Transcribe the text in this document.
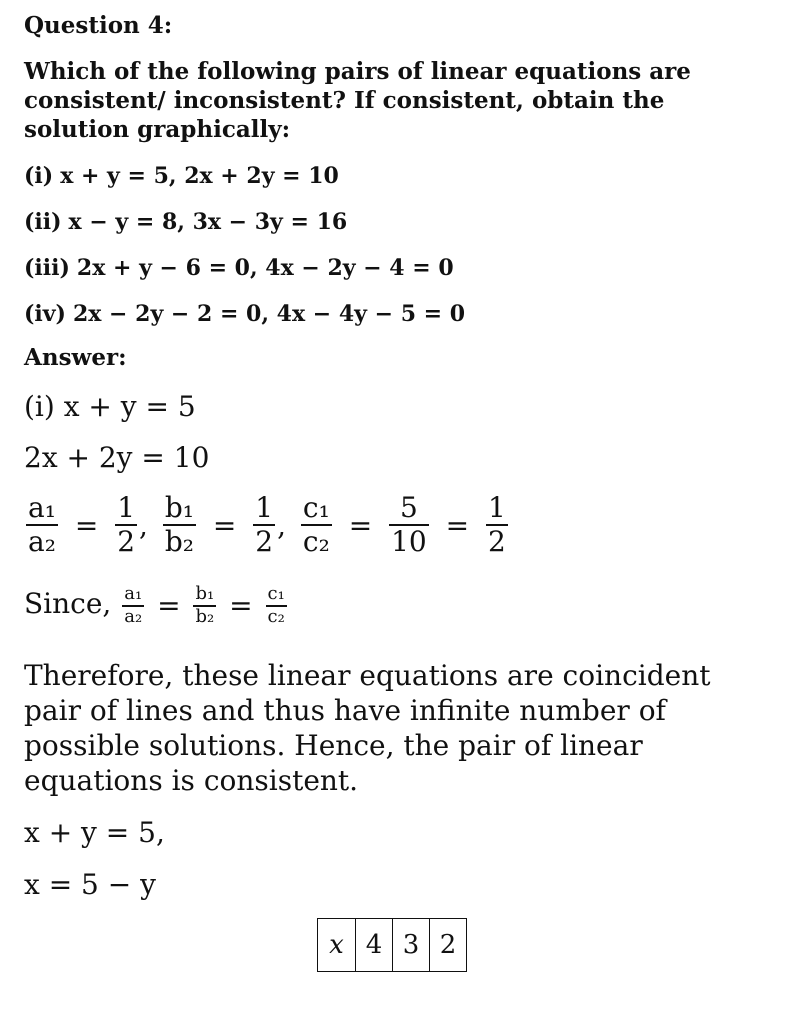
Question 4:
Which of the following pairs of linear equations are consistent/ inconsistent? If consistent, obtain the solution graphically:
(i) x + y = 5, 2x + 2y = 10
(ii) x − y = 8, 3x − 3y = 16
(iii) 2x + y − 6 = 0, 4x − 2y − 4 = 0
(iv) 2x − 2y − 2 = 0, 4x − 4y − 5 = 0
Answer:
(i) x + y = 5
2x + 2y = 10
$\frac{\text{a₁}}{\text{a₂}} = \frac{1}{2}$ , $\frac{\text{b₁}}{\text{b₂}} = \frac{1}{2}$ , $\frac{\text{c₁}}{\text{c₂}} = \frac{5}{10} = \frac{1}{2}$
Since, $\frac{\text{a₁}}{\text{a₂}} = \frac{\text{b₁}}{\text{b₂}} = \frac{\text{c₁}}{\text{c₂}}$
Therefore, these linear equations are coincident pair of lines and thus have infinite number of possible solutions. Hence, the pair of linear equations is consistent.
x + y = 5,
x = 5 − y
x	4	3	2
